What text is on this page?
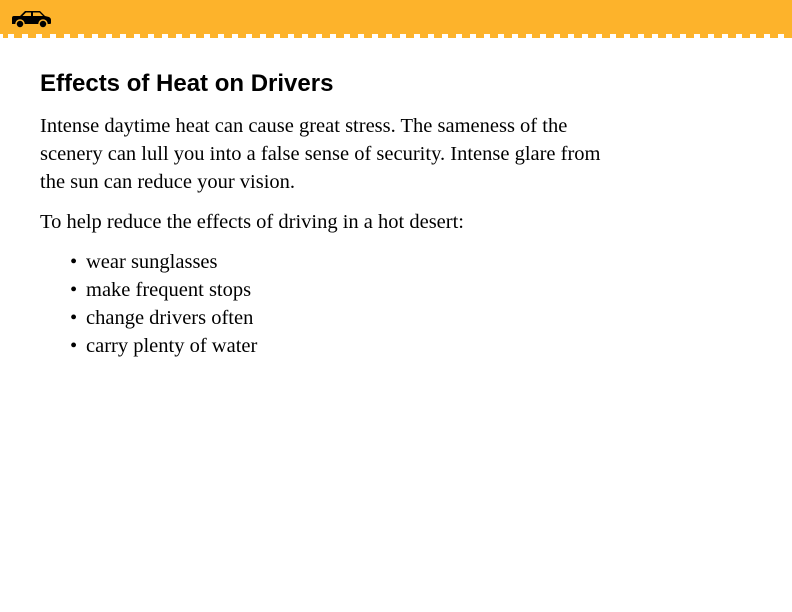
Effects of Heat on Drivers

Intense daytime heat can cause great stress. The sameness of the scenery can lull you into a false sense of security. Intense glare from the sun can reduce your vision.

To help reduce the effects of driving in a hot desert:

• wear sunglasses
• make frequent stops
• change drivers often
• carry plenty of water
